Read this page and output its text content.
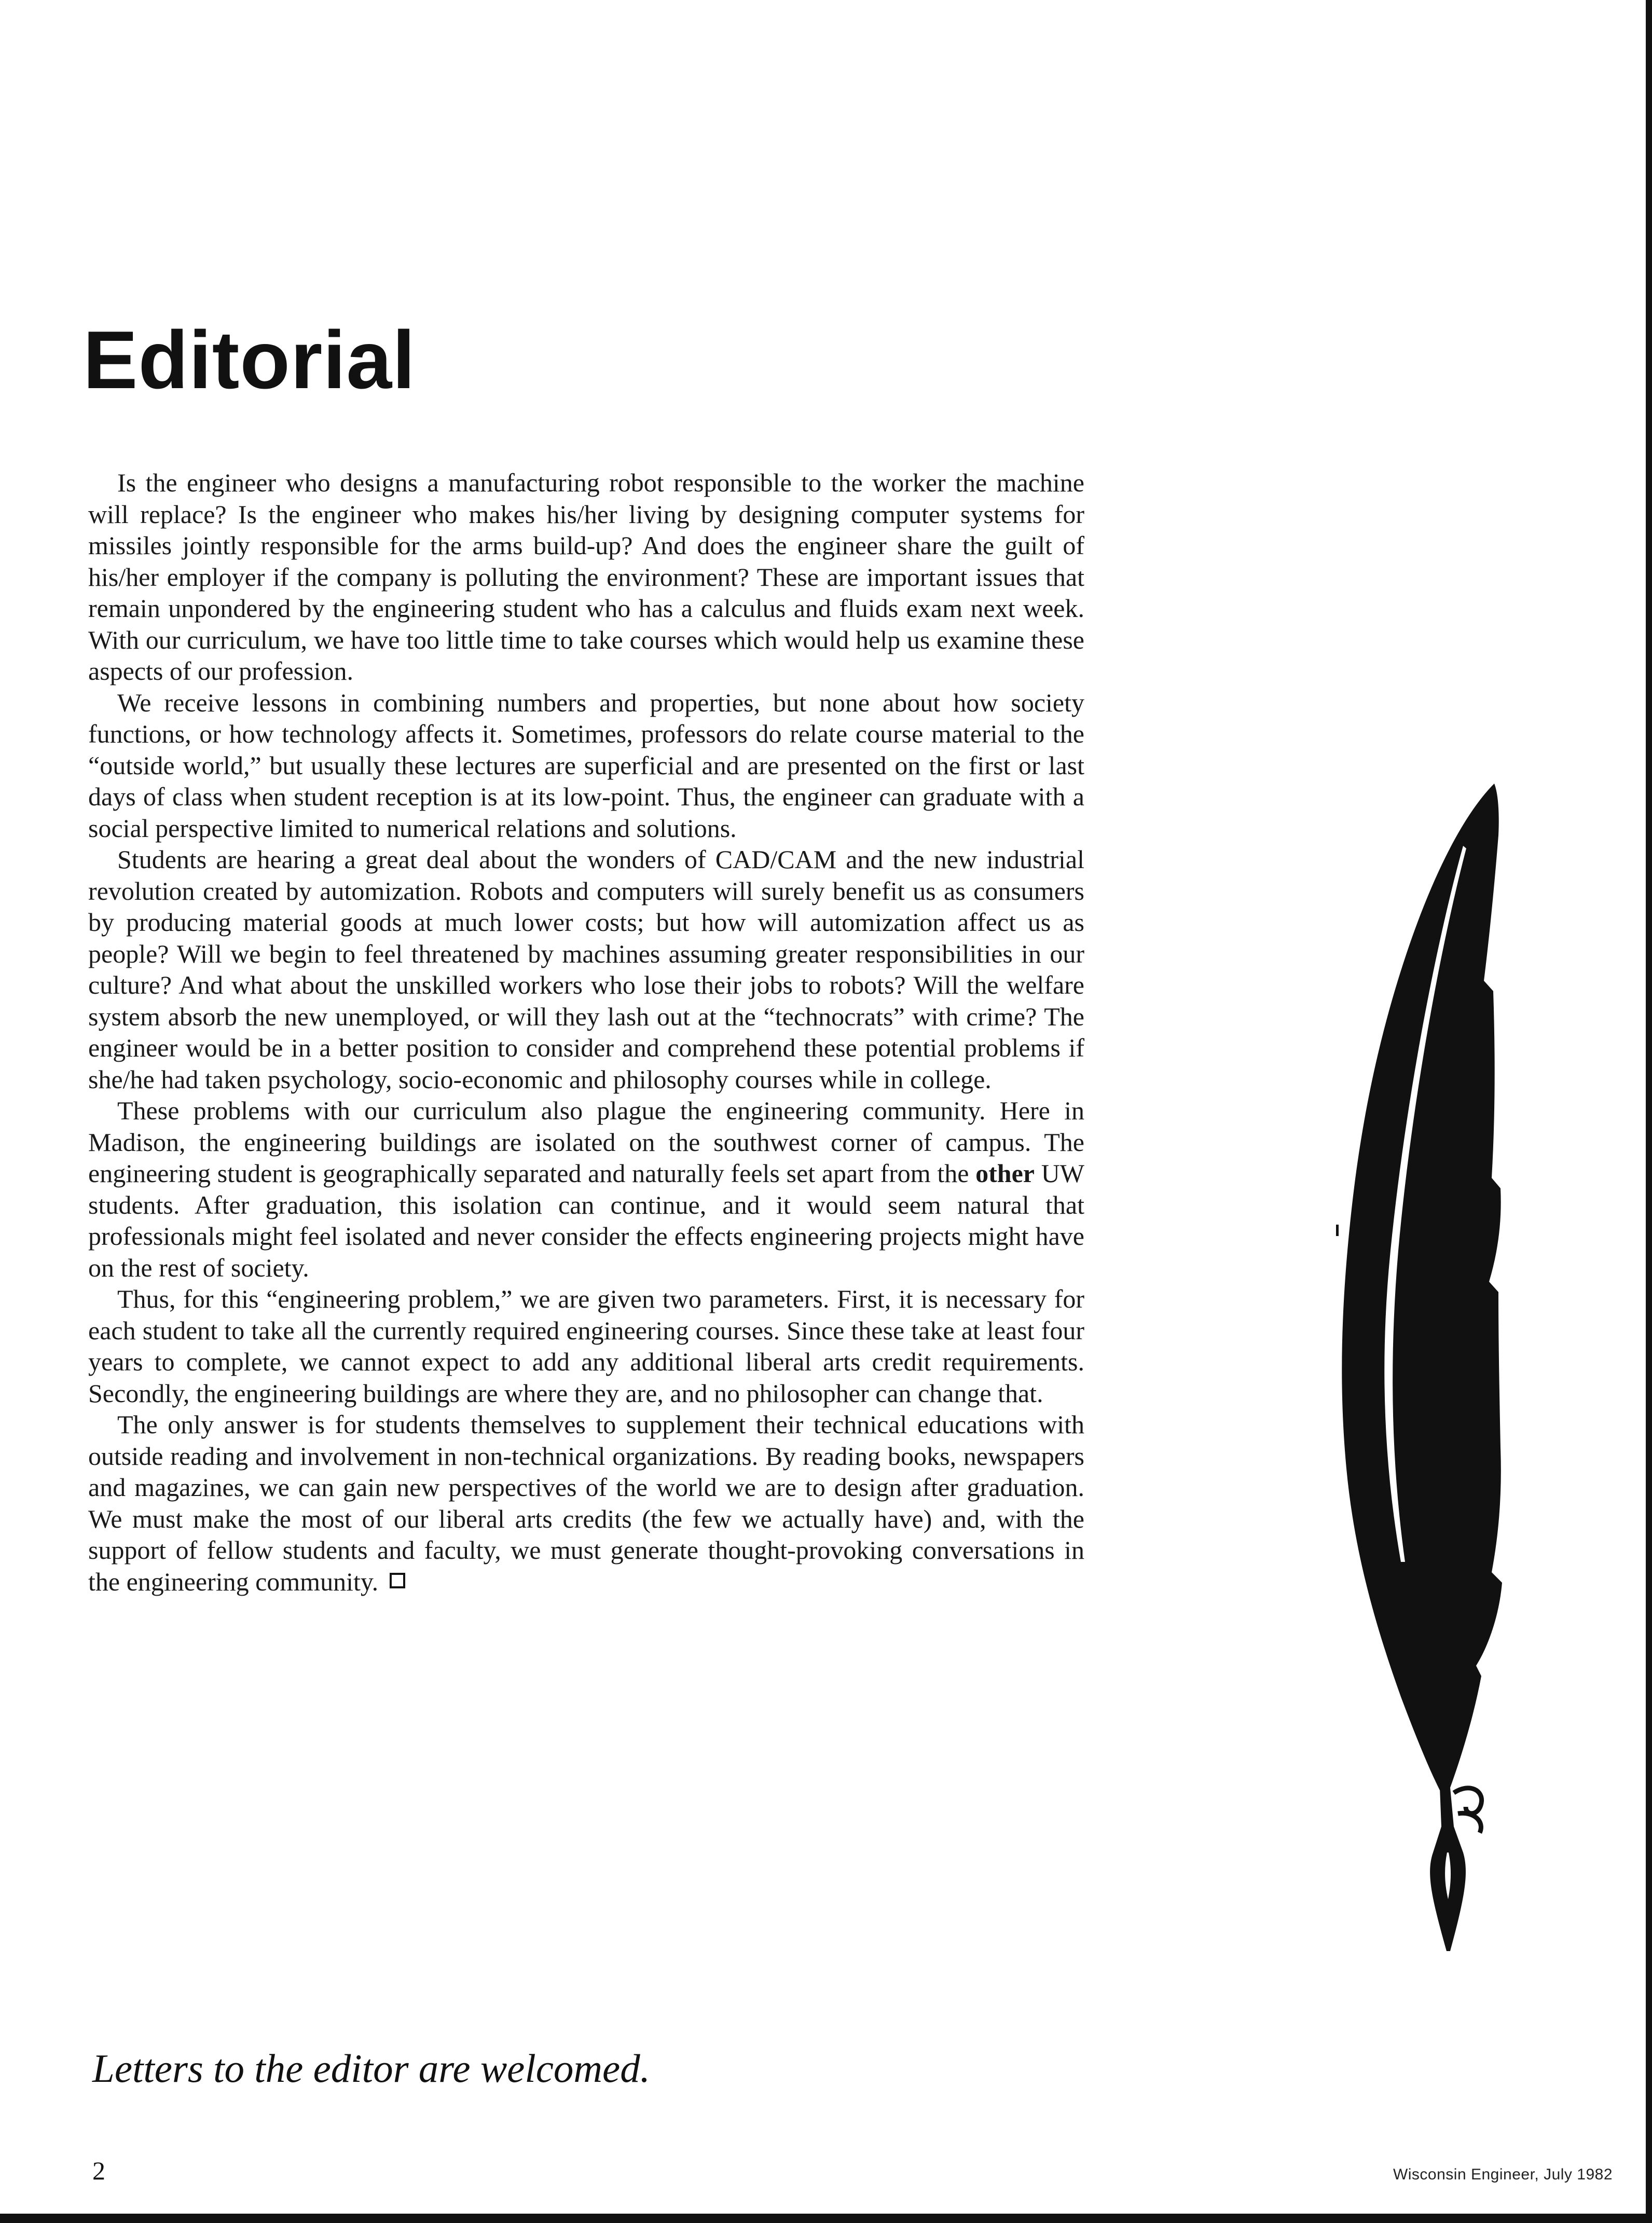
Editorial

Is the engineer who designs a manufacturing robot responsible to the worker the machine will replace? Is the engineer who makes his/her living by designing computer systems for missiles jointly responsible for the arms build-up? And does the engineer share the guilt of his/her employer if the company is polluting the environment? These are important issues that remain unpondered by the engineering student who has a calculus and fluids exam next week. With our curriculum, we have too little time to take courses which would help us examine these aspects of our profession.

We receive lessons in combining numbers and properties, but none about how society functions, or how technology affects it. Sometimes, professors do relate course material to the “outside world,” but usually these lectures are superficial and are presented on the first or last days of class when student reception is at its low-point. Thus, the engineer can graduate with a social perspective limited to numerical relations and solutions.

Students are hearing a great deal about the wonders of CAD/CAM and the new industrial revolution created by automization. Robots and computers will surely benefit us as consumers by producing material goods at much lower costs; but how will automization affect us as people? Will we begin to feel threatened by machines assuming greater responsibilities in our culture? And what about the unskilled workers who lose their jobs to robots? Will the welfare system absorb the new unemployed, or will they lash out at the “technocrats” with crime? The engineer would be in a better position to consider and comprehend these potential problems if she/he had taken psychology, socio-economic and philosophy courses while in college.

These problems with our curriculum also plague the engineering community. Here in Madison, the engineering buildings are isolated on the southwest corner of campus. The engineering student is geographically separated and naturally feels set apart from the other UW students. After graduation, this isolation can continue, and it would seem natural that professionals might feel isolated and never consider the effects engineering projects might have on the rest of society.

Thus, for this “engineering problem,” we are given two parameters. First, it is necessary for each student to take all the currently required engineering courses. Since these take at least four years to complete, we cannot expect to add any additional liberal arts credit requirements. Secondly, the engineering buildings are where they are, and no philosopher can change that.

The only answer is for students themselves to supplement their technical educations with outside reading and involvement in non-technical organizations. By reading books, newspapers and magazines, we can gain new perspectives of the world we are to design after graduation. We must make the most of our liberal arts credits (the few we actually have) and, with the support of fellow students and faculty, we must generate thought-provoking conversations in the engineering community.

Letters to the editor are welcomed.
2	Wisconsin Engineer, July 1982
